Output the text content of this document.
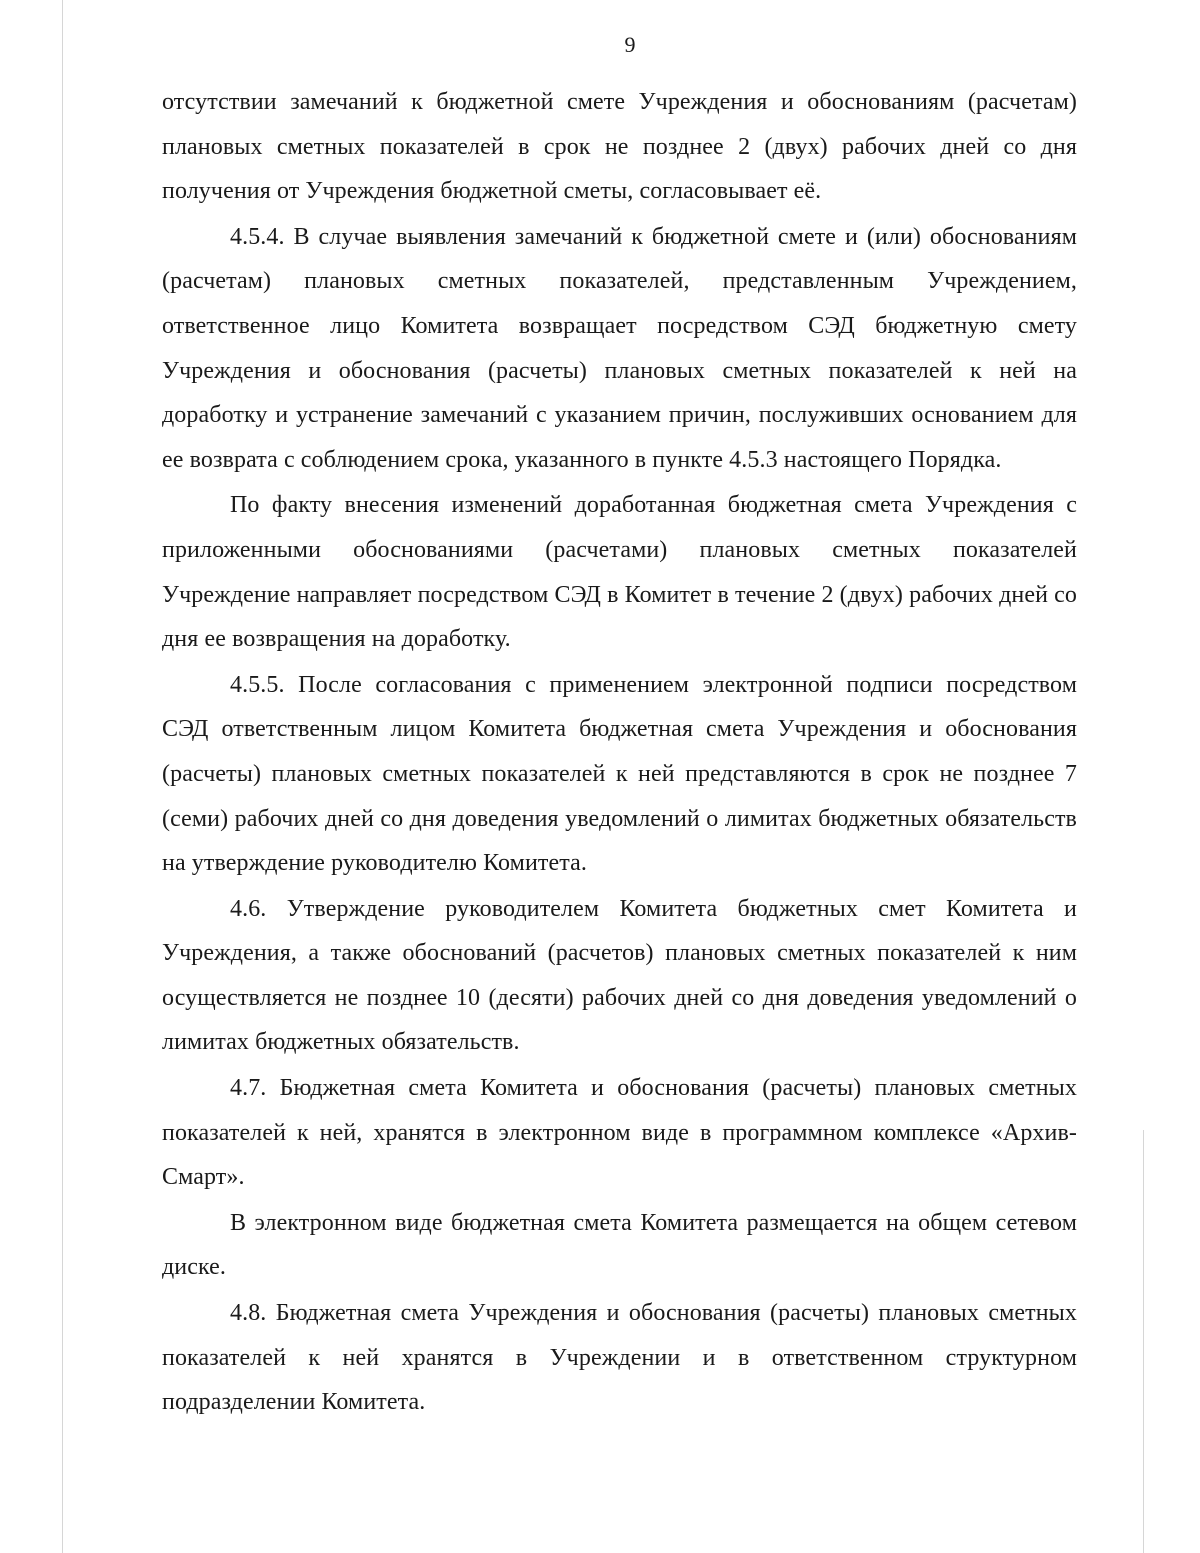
9

отсутствии замечаний к бюджетной смете Учреждения и обоснованиям (расчетам) плановых сметных показателей в срок не позднее 2 (двух) рабочих дней со дня получения от Учреждения бюджетной сметы, согласовывает её.

4.5.4. В случае выявления замечаний к бюджетной смете и (или) обоснованиям (расчетам) плановых сметных показателей, представленным Учреждением, ответственное лицо Комитета возвращает посредством СЭД бюджетную смету Учреждения и обоснования (расчеты) плановых сметных показателей к ней на доработку и устранение замечаний с указанием причин, послуживших основанием для ее возврата с соблюдением срока, указанного в пункте 4.5.3 настоящего Порядка.

По факту внесения изменений доработанная бюджетная смета Учреждения с приложенными обоснованиями (расчетами) плановых сметных показателей Учреждение направляет посредством СЭД в Комитет в течение 2 (двух) рабочих дней со дня ее возвращения на доработку.

4.5.5. После согласования с применением электронной подписи посредством СЭД ответственным лицом Комитета бюджетная смета Учреждения и обоснования (расчеты) плановых сметных показателей к ней представляются в срок не позднее 7 (семи) рабочих дней со дня доведения уведомлений о лимитах бюджетных обязательств на утверждение руководителю Комитета.

4.6. Утверждение руководителем Комитета бюджетных смет Комитета и Учреждения, а также обоснований (расчетов) плановых сметных показателей к ним осуществляется не позднее 10 (десяти) рабочих дней со дня доведения уведомлений о лимитах бюджетных обязательств.

4.7. Бюджетная смета Комитета и обоснования (расчеты) плановых сметных показателей к ней, хранятся в электронном виде в программном комплексе «Архив-Смарт».

В электронном виде бюджетная смета Комитета размещается на общем сетевом диске.

4.8. Бюджетная смета Учреждения и обоснования (расчеты) плановых сметных показателей к ней хранятся в Учреждении и в ответственном структурном подразделении Комитета.
